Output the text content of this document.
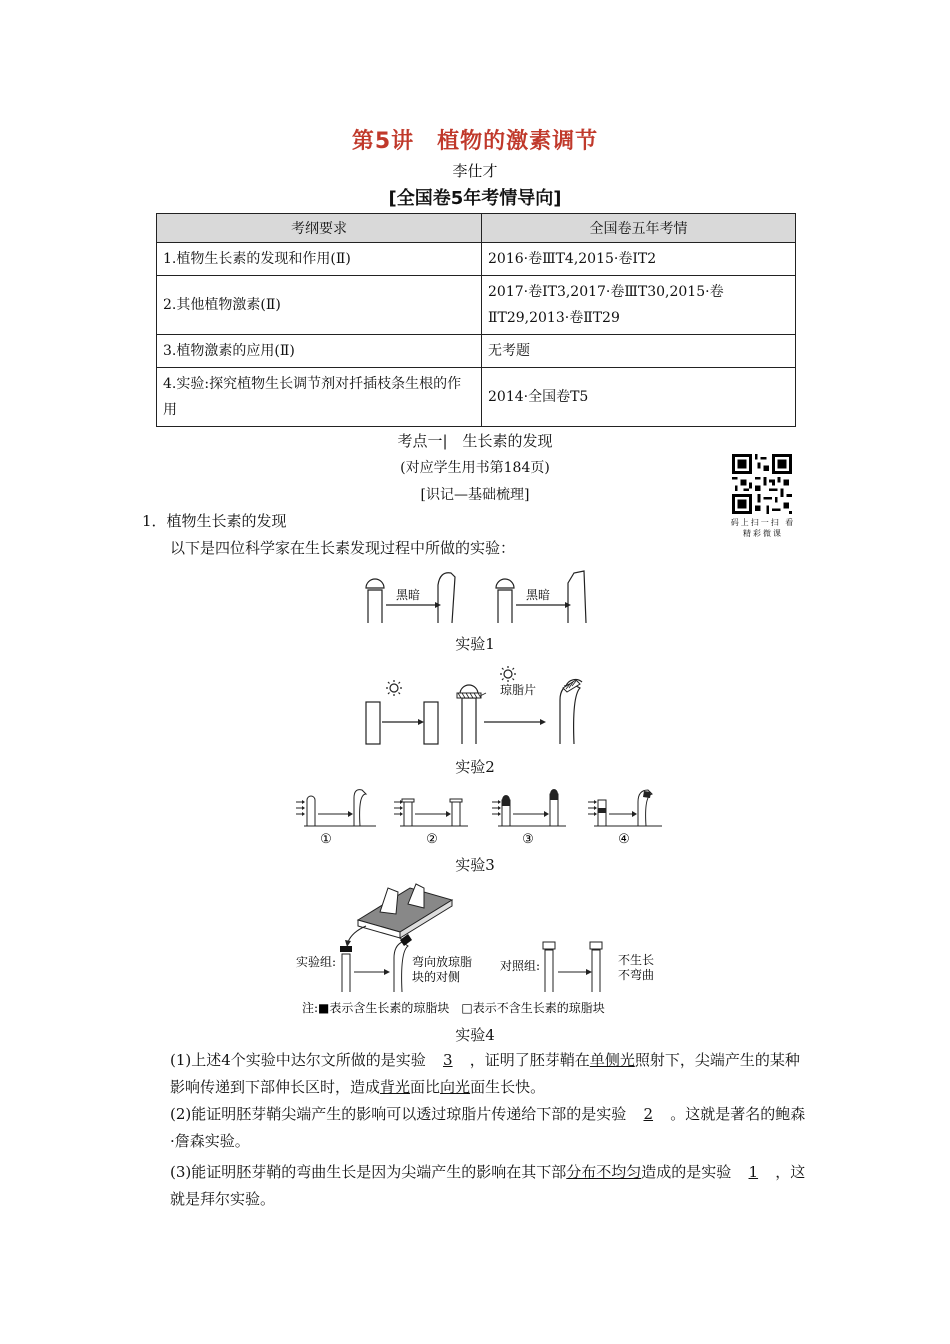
第5讲　植物的激素调节
李仕才
[全国卷5年考情导向]
考纲要求	全国卷五年考情
1.植物生长素的发现和作用(Ⅱ)	2016·卷ⅢT4,2015·卷ⅠT2
2.其他植物激素(Ⅱ)	2017·卷ⅠT3,2017·卷ⅢT30,2015·卷ⅡT29,2013·卷ⅡT29
3.植物激素的应用(Ⅱ)	无考题
4.实验:探究植物生长调节剂对扦插枝条生根的作用	2014·全国卷T5
考点一|　生长素的发现
(对应学生用书第184页)
[识记—基础梳理]
码上扫一扫 看精彩微课
1．植物生长素的发现
以下是四位科学家在生长素发现过程中所做的实验：
黑暗	黑暗
实验1
琼脂片
实验2
①	②	③	④
实验3
实验组:	弯向放琼脂块的对侧
对照组:	不生长不弯曲
注:■表示含生长素的琼脂块　□表示不含生长素的琼脂块
实验4
(1)上述4个实验中达尔文所做的是实验 3 ，证明了胚芽鞘在单侧光照射下，尖端产生的某种影响传递到下部伸长区时，造成背光面比向光面生长快。
(2)能证明胚芽鞘尖端产生的影响可以透过琼脂片传递给下部的是实验 2 。这就是著名的鲍森·詹森实验。
(3)能证明胚芽鞘的弯曲生长是因为尖端产生的影响在其下部分布不均匀造成的是实验 1 ，这就是拜尔实验。
